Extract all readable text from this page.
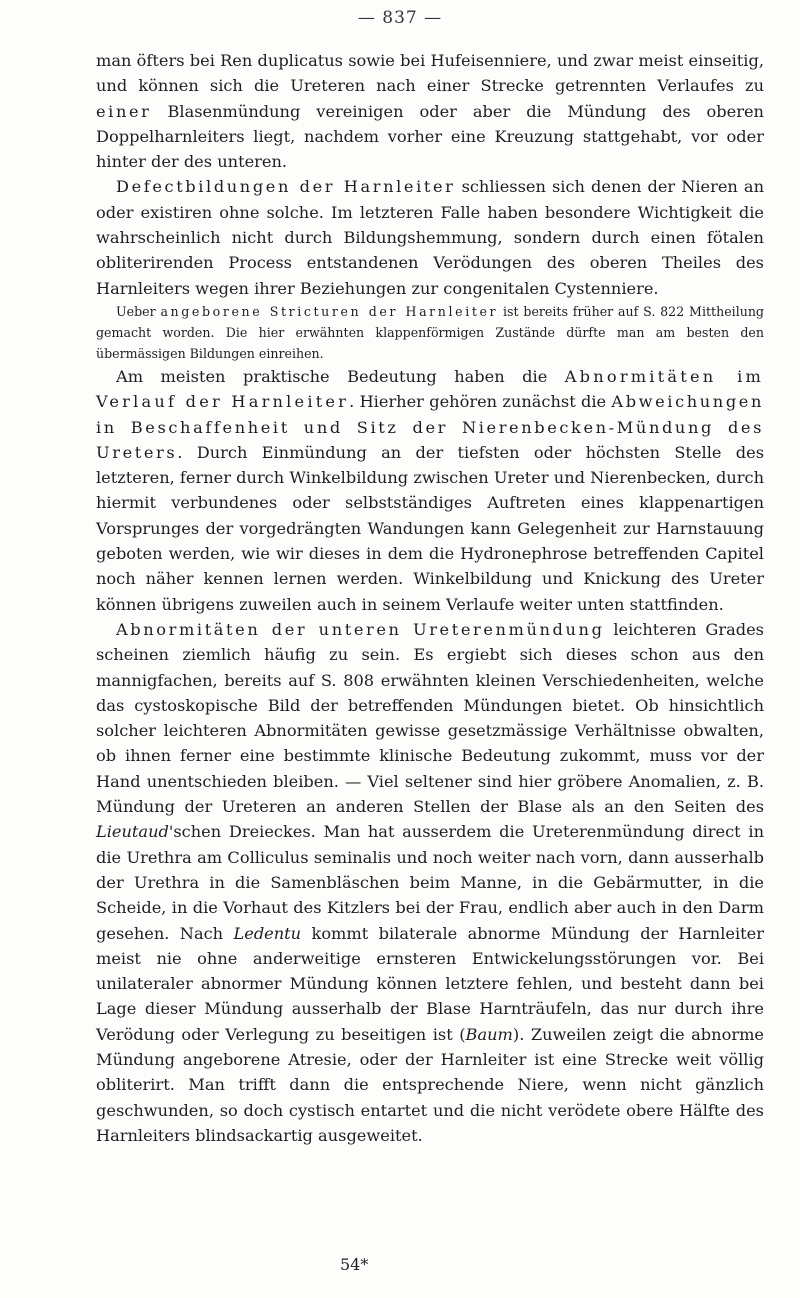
— 837 —

man öfters bei Ren duplicatus sowie bei Hufeisenniere, und zwar meist einseitig, und können sich die Ureteren nach einer Strecke getrennten Verlaufes zu einer Blasenmündung vereinigen oder aber die Mündung des oberen Doppelharnleiters liegt, nachdem vorher eine Kreuzung stattgehabt, vor oder hinter der des unteren.

Defectbildungen der Harnleiter schliessen sich denen der Nieren an oder existiren ohne solche. Im letzteren Falle haben besondere Wichtigkeit die wahrscheinlich nicht durch Bildungshemmung, sondern durch einen fötalen obliterirenden Process entstandenen Verödungen des oberen Theiles des Harnleiters wegen ihrer Beziehungen zur congenitalen Cystenniere.

Ueber angeborene Stricturen der Harnleiter ist bereits früher auf S. 822 Mittheilung gemacht worden. Die hier erwähnten klappenförmigen Zustände dürfte man am besten den übermässigen Bildungen einreihen.

Am meisten praktische Bedeutung haben die Abnormitäten im Verlauf der Harnleiter. Hierher gehören zunächst die Abweichungen in Beschaffenheit und Sitz der Nierenbecken-Mündung des Ureters. Durch Einmündung an der tiefsten oder höchsten Stelle des letzteren, ferner durch Winkelbildung zwischen Ureter und Nierenbecken, durch hiermit verbundenes oder selbstständiges Auftreten eines klappenartigen Vorsprunges der vorgedrängten Wandungen kann Gelegenheit zur Harnstauung geboten werden, wie wir dieses in dem die Hydronephrose betreffenden Capitel noch näher kennen lernen werden. Winkelbildung und Knickung des Ureter können übrigens zuweilen auch in seinem Verlaufe weiter unten stattfinden.

Abnormitäten der unteren Ureterenmündung leichteren Grades scheinen ziemlich häufig zu sein. Es ergiebt sich dieses schon aus den mannigfachen, bereits auf S. 808 erwähnten kleinen Verschiedenheiten, welche das cystoskopische Bild der betreffenden Mündungen bietet. Ob hinsichtlich solcher leichteren Abnormitäten gewisse gesetzmässige Verhältnisse obwalten, ob ihnen ferner eine bestimmte klinische Bedeutung zukommt, muss vor der Hand unentschieden bleiben. — Viel seltener sind hier gröbere Anomalien, z. B. Mündung der Ureteren an anderen Stellen der Blase als an den Seiten des Lieutaud'schen Dreieckes. Man hat ausserdem die Ureterenmündung direct in die Urethra am Colliculus seminalis und noch weiter nach vorn, dann ausserhalb der Urethra in die Samenbläschen beim Manne, in die Gebärmutter, in die Scheide, in die Vorhaut des Kitzlers bei der Frau, endlich aber auch in den Darm gesehen. Nach Ledentu kommt bilaterale abnorme Mündung der Harnleiter meist nie ohne anderweitige ernsteren Entwickelungsstörungen vor. Bei unilateraler abnormer Mündung können letztere fehlen, und besteht dann bei Lage dieser Mündung ausserhalb der Blase Harnträufeln, das nur durch ihre Verödung oder Verlegung zu beseitigen ist (Baum). Zuweilen zeigt die abnorme Mündung angeborene Atresie, oder der Harnleiter ist eine Strecke weit völlig obliterirt. Man trifft dann die entsprechende Niere, wenn nicht gänzlich geschwunden, so doch cystisch entartet und die nicht verödete obere Hälfte des Harnleiters blindsackartig ausgeweitet.

54*
